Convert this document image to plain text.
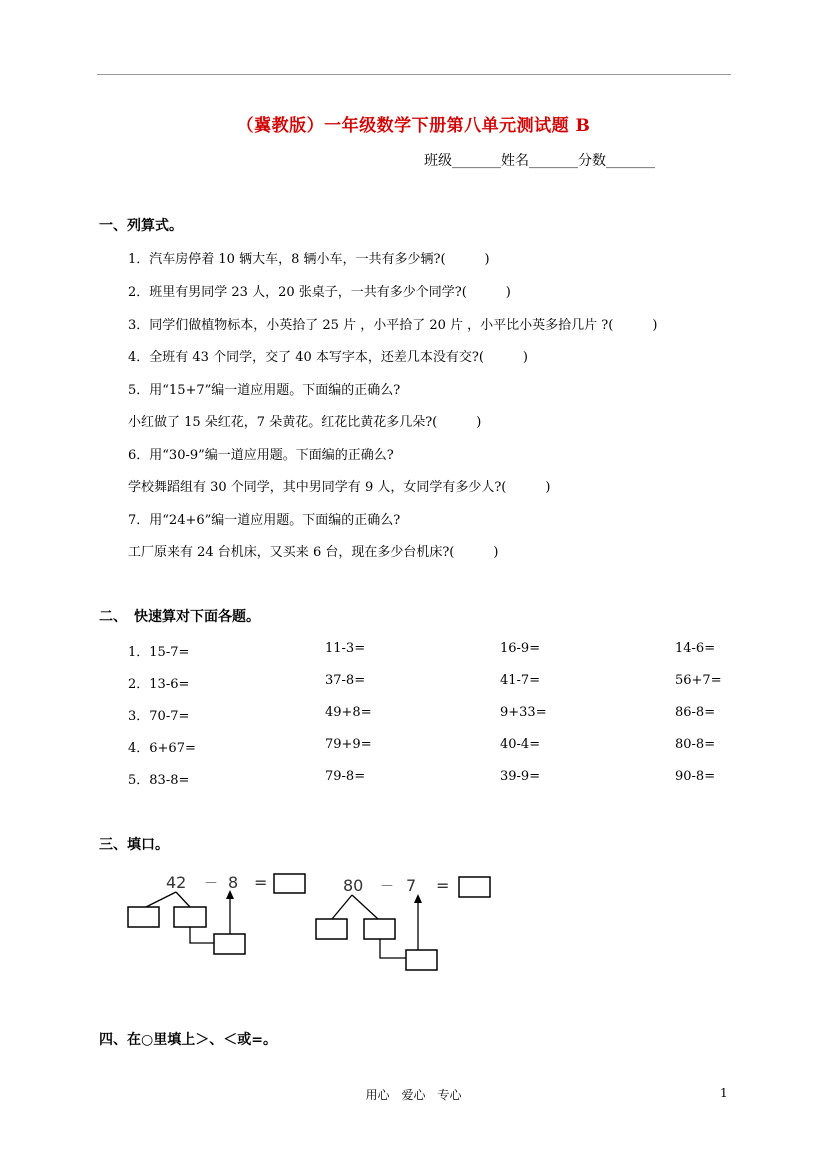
（冀教版）一年级数学下册第八单元测试题 B
班级_______姓名_______分数_______
一、列算式。
1．汽车房停着 10 辆大车，8 辆小车，一共有多少辆?(　　　)
2．班里有男同学 23 人，20 张桌子，一共有多少个同学?(　　　)
3．同学们做植物标本，小英拾了 25 片 ，小平拾了 20 片 ，小平比小英多拾几片 ?(　　　)
4．全班有 43 个同学，交了 40 本写字本，还差几本没有交?(　　　)
5．用“15+7”编一道应用题。下面编的正确么?
小红做了 15 朵红花，7 朵黄花。红花比黄花多几朵?(　　　)
6．用“30-9”编一道应用题。下面编的正确么?
学校舞蹈组有 30 个同学，其中男同学有 9 人，女同学有多少人?(　　　)
7．用“24+6”编一道应用题。下面编的正确么?
工厂原来有 24 台机床，又买来 6 台，现在多少台机床?(　　　)
二、　快速算对下面各题。
1．15-7=	11-3=	16-9=	14-6=
2．13-6=	37-8=	41-7=	56+7=
3．70-7=	49+8=	9+33=	86-8=
4．6+67=	79+9=	40-4=	80-8=
5．83-8=	79-8=	39-9=	90-8=
三、填口。
42 － 8 =	80 － 7 =
四、在○里填上＞、＜或=。
用心　爱心　专心	1
